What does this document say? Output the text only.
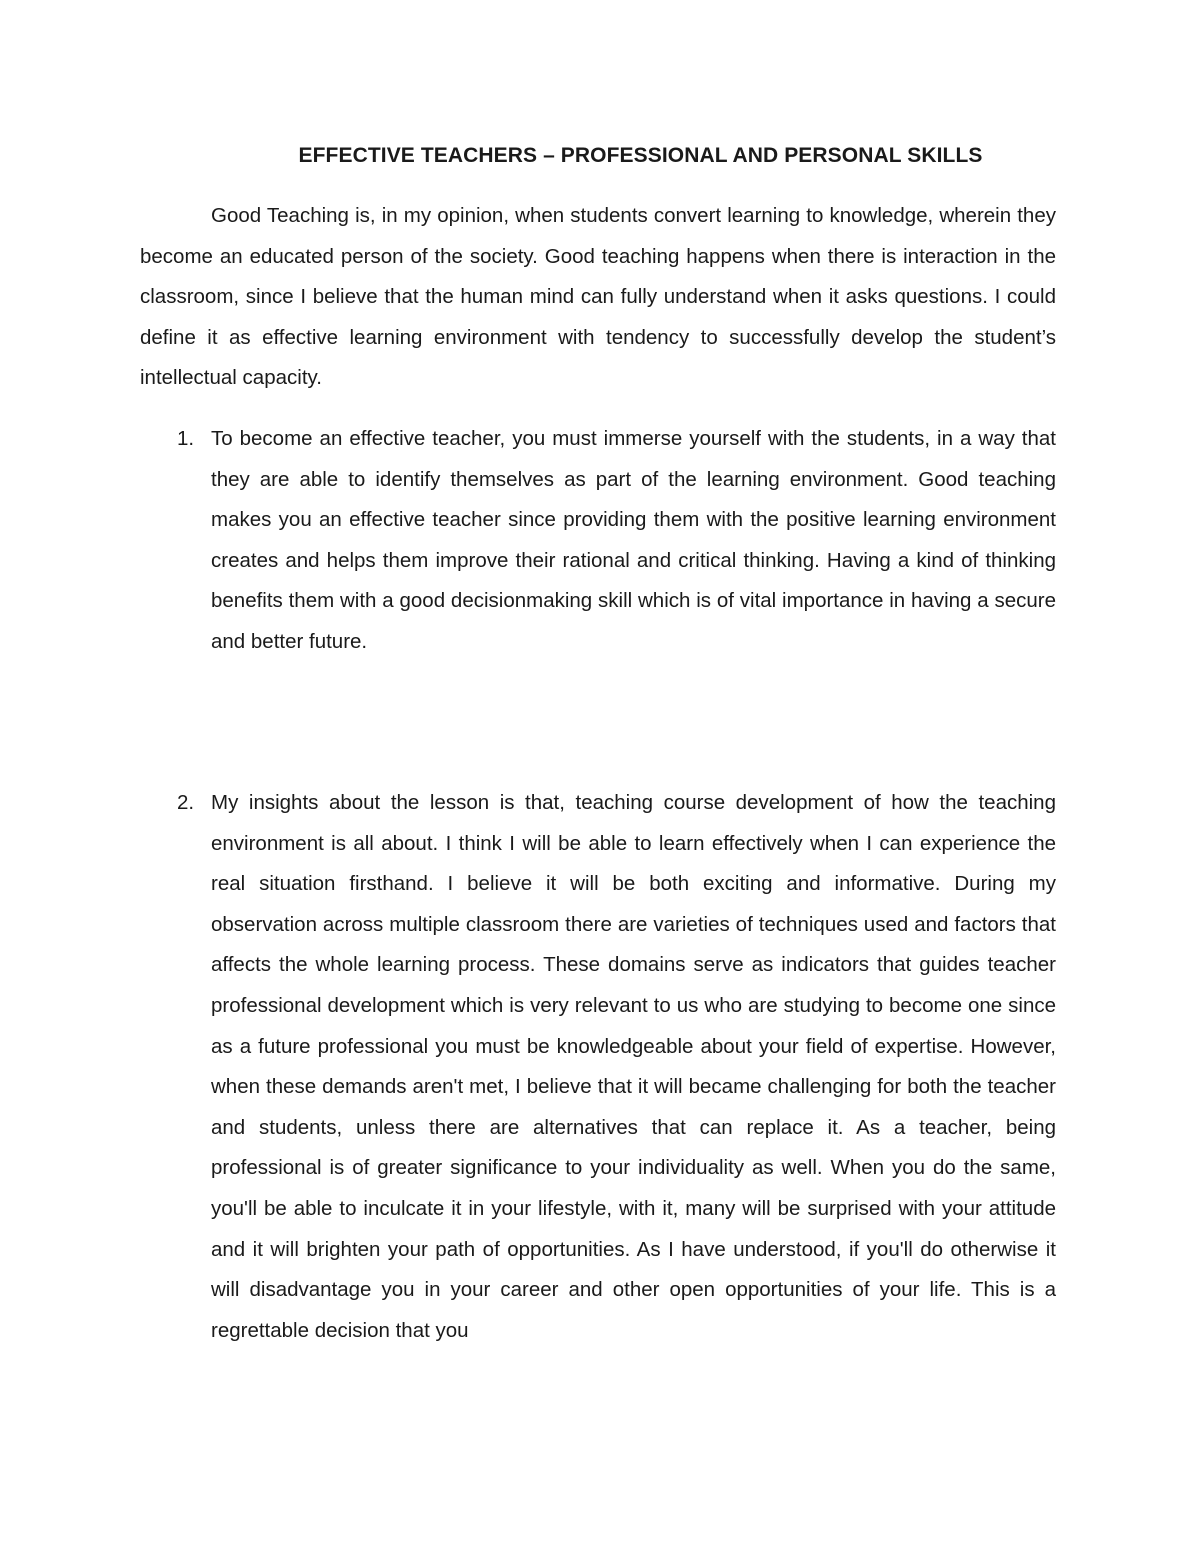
EFFECTIVE TEACHERS – PROFESSIONAL AND PERSONAL SKILLS
Good Teaching is, in my opinion, when students convert learning to knowledge, wherein they become an educated person of the society. Good teaching happens when there is interaction in the classroom, since I believe that the human mind can fully understand when it asks questions. I could define it as effective learning environment with tendency to successfully develop the student’s intellectual capacity.
1. To become an effective teacher, you must immerse yourself with the students, in a way that they are able to identify themselves as part of the learning environment. Good teaching makes you an effective teacher since providing them with the positive learning environment creates and helps them improve their rational and critical thinking. Having a kind of thinking benefits them with a good decisionmaking skill which is of vital importance in having a secure and better future.
2. My insights about the lesson is that, teaching course development of how the teaching environment is all about. I think I will be able to learn effectively when I can experience the real situation firsthand. I believe it will be both exciting and informative. During my observation across multiple classroom there are varieties of techniques used and factors that affects the whole learning process. These domains serve as indicators that guides teacher professional development which is very relevant to us who are studying to become one since as a future professional you must be knowledgeable about your field of expertise. However, when these demands aren't met, I believe that it will became challenging for both the teacher and students, unless there are alternatives that can replace it. As a teacher, being professional is of greater significance to your individuality as well. When you do the same, you'll be able to inculcate it in your lifestyle, with it, many will be surprised with your attitude and it will brighten your path of opportunities. As I have understood, if you'll do otherwise it will disadvantage you in your career and other open opportunities of your life. This is a regrettable decision that you
